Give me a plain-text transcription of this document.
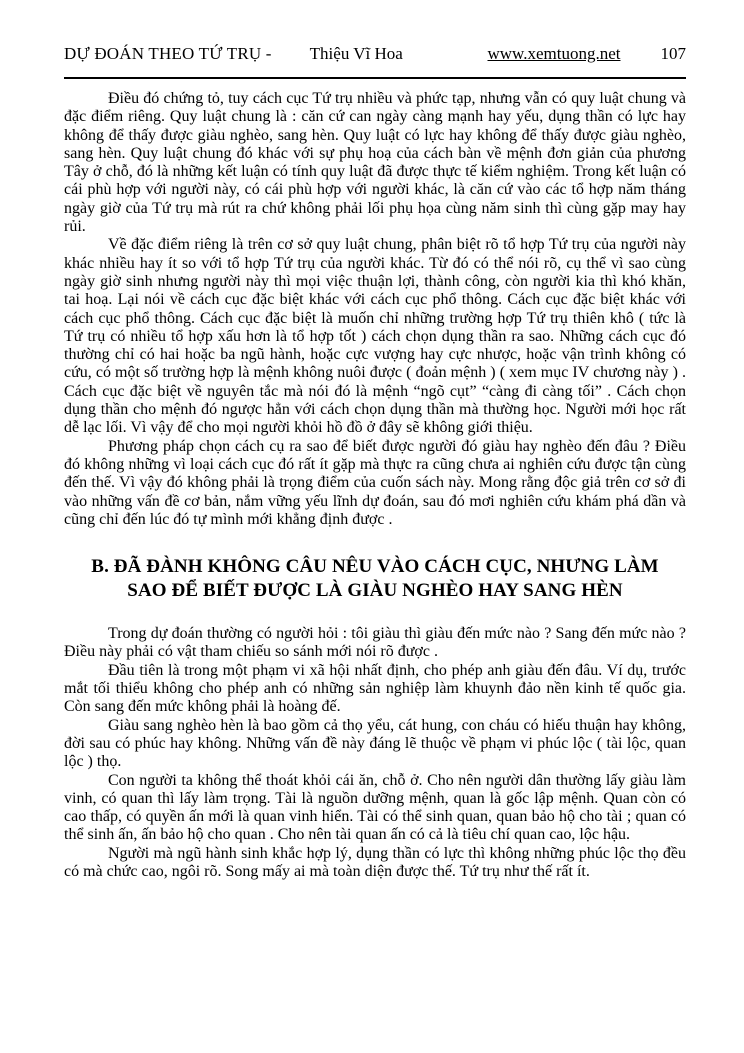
DỰ ĐOÁN THEO TỨ TRỤ - Thiệu Vĩ Hoa	www.xemtuong.net 107

Điều đó chứng tỏ, tuy cách cục Tứ trụ nhiều và phức tạp, nhưng vẫn có quy luật chung và đặc điểm riêng. Quy luật chung là : căn cứ can ngày càng mạnh hay yếu, dụng thần có lực hay không để thấy được giàu nghèo, sang hèn. Quy luật có lực hay không để thấy được giàu nghèo, sang hèn. Quy luật chung đó khác với sự phụ hoạ của cách bàn về mệnh đơn giản của phương Tây ở chỗ, đó là những kết luận có tính quy luật đã được thực tế kiểm nghiệm. Trong kết luận có cái phù hợp với người này, có cái phù hợp với người khác, là căn cứ vào các tổ hợp năm tháng ngày giờ của Tứ trụ mà rút ra chứ không phải lối phụ họa cùng năm sinh thì cùng gặp may hay rủi.

Về đặc điểm riêng là trên cơ sở quy luật chung, phân biệt rõ tổ hợp Tứ trụ của người này khác nhiều hay ít so với tổ hợp Tứ trụ của người khác. Từ đó có thể nói rõ, cụ thể vì sao cùng ngày giờ sinh nhưng người này thì mọi việc thuận lợi, thành công, còn người kia thì khó khăn, tai hoạ. Lại nói về cách cục đặc biệt khác với cách cục phổ thông. Cách cục đặc biệt khác với cách cục phổ thông. Cách cục đặc biệt là muốn chỉ những trường hợp Tứ trụ thiên khô ( tức là Tứ trụ có nhiều tổ hợp xấu hơn là tổ hợp tốt ) cách chọn dụng thần ra sao. Những cách cục đó thường chỉ có hai hoặc ba ngũ hành, hoặc cực vượng hay cực nhược, hoặc vận trình không có cứu, có một số trường hợp là mệnh không nuôi được ( đoản mệnh ) ( xem mục IV chương này ) . Cách cục đặc biệt về nguyên tắc mà nói đó là mệnh “ngõ cụt” “càng đi càng tối” . Cách chọn dụng thần cho mệnh đó ngược hẳn với cách chọn dụng thần mà thường học. Người mới học rất dễ lạc lối. Vì vậy để cho mọi người khỏi hồ đồ ở đây sẽ không giới thiệu.

Phương pháp chọn cách cụ ra sao để biết được người đó giàu hay nghèo đến đâu ? Điều đó không những vì loại cách cục đó rất ít gặp mà thực ra cũng chưa ai nghiên cứu được tận cùng đến thế. Vì vậy đó không phải là trọng điểm của cuốn sách này. Mong rằng độc giả trên cơ sở đi vào những vấn đề cơ bản, nắm vững yếu lĩnh dự đoán, sau đó mơi nghiên cứu khám phá dần và cũng chỉ đến lúc đó tự mình mới khẳng định được .

B. ĐÃ ĐÀNH KHÔNG CÂU NÊU VÀO CÁCH CỤC, NHƯNG LÀM SAO ĐỂ BIẾT ĐƯỢC LÀ GIÀU NGHÈO HAY SANG HÈN

Trong dự đoán thường có người hỏi : tôi giàu thì giàu đến mức nào ? Sang đến mức nào ? Điều này phải có vật tham chiếu so sánh mới nói rõ được .

Đầu tiên là trong một phạm vi xã hội nhất định, cho phép anh giàu đến đâu. Ví dụ, trước mắt tối thiểu không cho phép anh có những sản nghiệp làm khuynh đảo nền kinh tế quốc gia. Còn sang đến mức không phải là hoàng đế.

Giàu sang nghèo hèn là bao gồm cả thọ yểu, cát hung, con cháu có hiếu thuận hay không, đời sau có phúc hay không. Những vấn đề này đáng lẽ thuộc về phạm vi phúc lộc ( tài lộc, quan lộc ) thọ.

Con người ta không thể thoát khỏi cái ăn, chỗ ở. Cho nên người dân thường lấy giàu làm vinh, có quan thì lấy làm trọng. Tài là nguồn dưỡng mệnh, quan là gốc lập mệnh. Quan còn có cao thấp, có quyền ấn mới là quan vinh hiển. Tài có thể sinh quan, quan bảo hộ cho tài ; quan có thể sinh ấn, ấn bảo hộ cho quan . Cho nên tài quan ấn có cả là tiêu chí quan cao, lộc hậu.

Người mà ngũ hành sinh khắc hợp lý, dụng thần có lực thì không những phúc lộc thọ đều có mà chức cao, ngôi rõ. Song mấy ai mà toàn diện được thế. Tứ trụ như thế rất ít.
